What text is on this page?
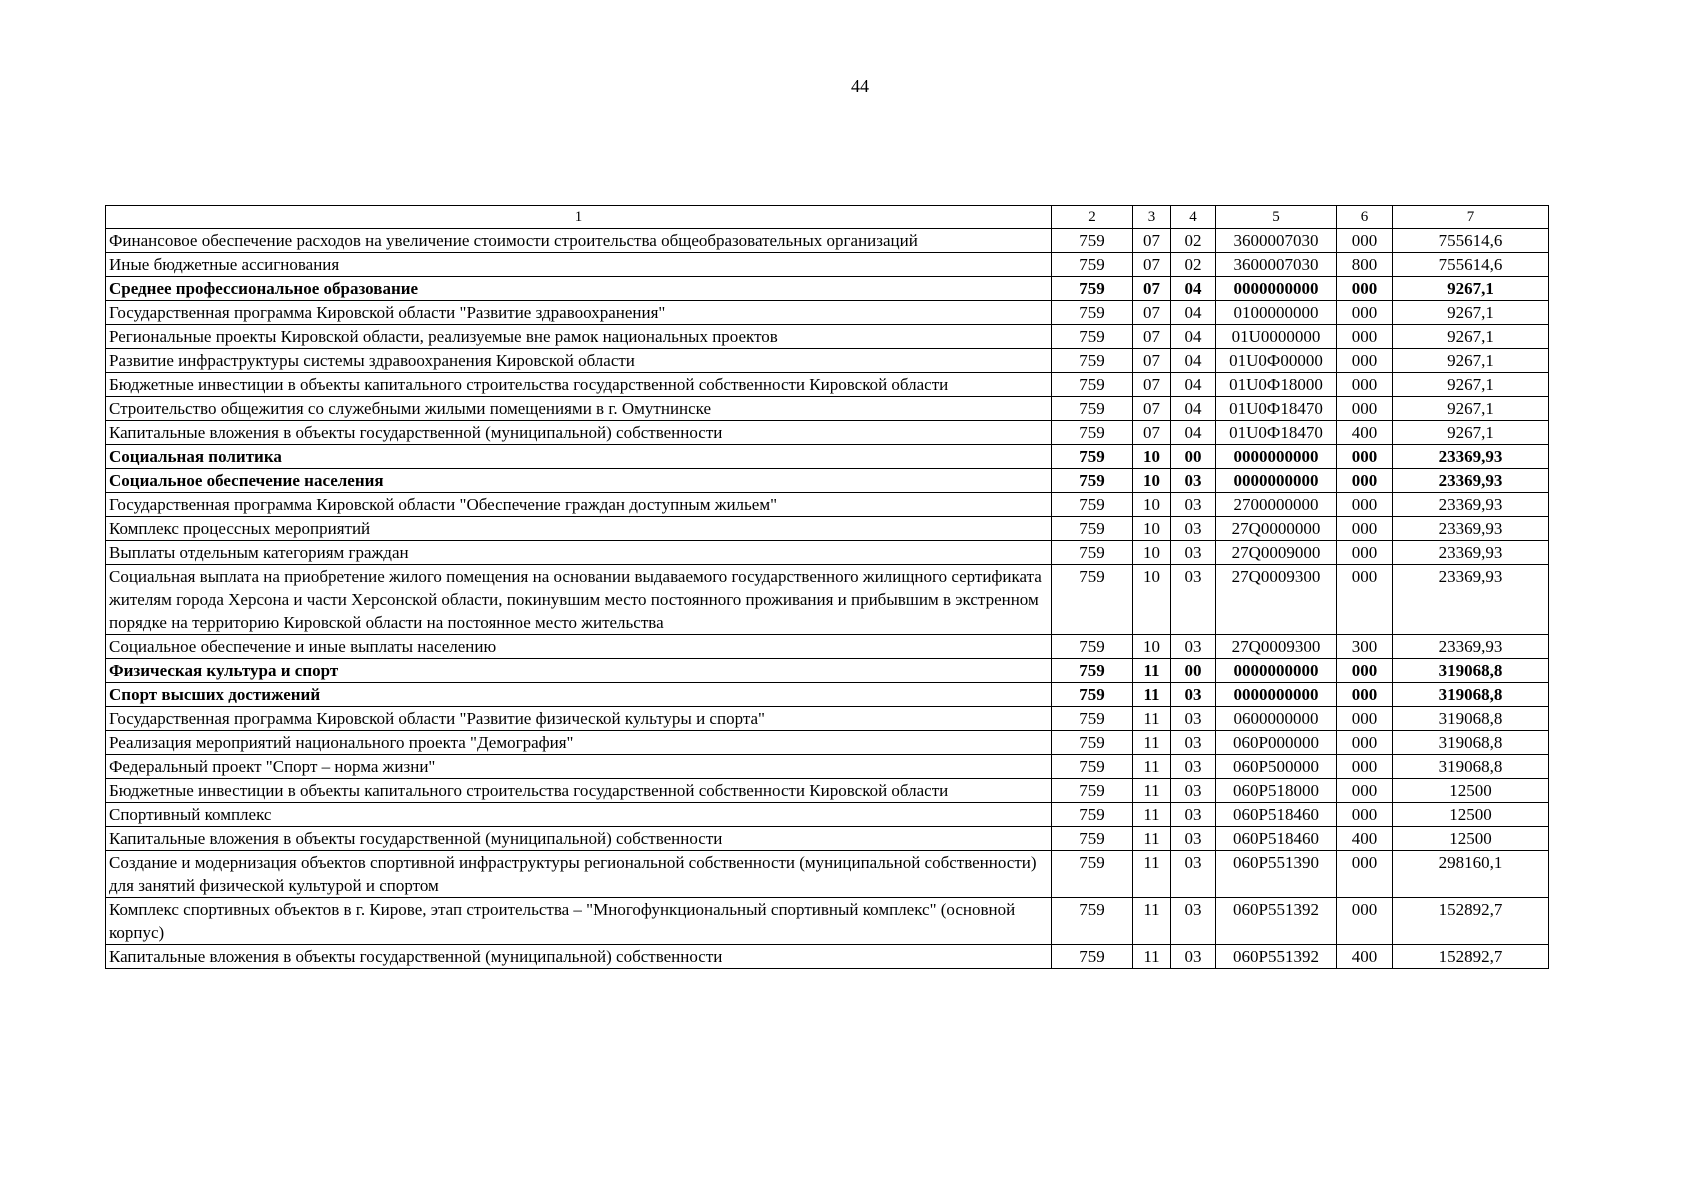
44
1	2	3	4	5	6	7
Финансовое обеспечение расходов на увеличение стоимости строительства общеобразовательных организаций	759	07	02	3600007030	000	755614,6
Иные бюджетные ассигнования	759	07	02	3600007030	800	755614,6
Среднее профессиональное образование	759	07	04	0000000000	000	9267,1
Государственная программа Кировской области "Развитие здравоохранения"	759	07	04	0100000000	000	9267,1
Региональные проекты Кировской области, реализуемые вне рамок национальных проектов	759	07	04	01U0000000	000	9267,1
Развитие инфраструктуры системы здравоохранения Кировской области	759	07	04	01U0Ф00000	000	9267,1
Бюджетные инвестиции в объекты капитального строительства государственной собственности Кировской области	759	07	04	01U0Ф18000	000	9267,1
Строительство общежития со служебными жилыми помещениями в г. Омутнинске	759	07	04	01U0Ф18470	000	9267,1
Капитальные вложения в объекты государственной (муниципальной) собственности	759	07	04	01U0Ф18470	400	9267,1
Социальная политика	759	10	00	0000000000	000	23369,93
Социальное обеспечение населения	759	10	03	0000000000	000	23369,93
Государственная программа Кировской области "Обеспечение граждан доступным жильем"	759	10	03	2700000000	000	23369,93
Комплекс процессных мероприятий	759	10	03	27Q0000000	000	23369,93
Выплаты отдельным категориям граждан	759	10	03	27Q0009000	000	23369,93
Социальная выплата на приобретение жилого помещения на основании выдаваемого государственного жилищного сертификата жителям города Херсона и части Херсонской области, покинувшим место постоянного проживания и прибывшим в экстренном порядке на территорию Кировской области на постоянное место жительства	759	10	03	27Q0009300	000	23369,93
Социальное обеспечение и иные выплаты населению	759	10	03	27Q0009300	300	23369,93
Физическая культура и спорт	759	11	00	0000000000	000	319068,8
Спорт высших достижений	759	11	03	0000000000	000	319068,8
Государственная программа Кировской области "Развитие физической культуры и спорта"	759	11	03	0600000000	000	319068,8
Реализация мероприятий национального проекта "Демография"	759	11	03	060P000000	000	319068,8
Федеральный проект "Спорт – норма жизни"	759	11	03	060P500000	000	319068,8
Бюджетные инвестиции в объекты капитального строительства государственной собственности Кировской области	759	11	03	060P518000	000	12500
Спортивный комплекс	759	11	03	060P518460	000	12500
Капитальные вложения в объекты государственной (муниципальной) собственности	759	11	03	060P518460	400	12500
Создание и модернизация объектов спортивной инфраструктуры региональной собственности (муниципальной собственности) для занятий физической культурой и спортом	759	11	03	060P551390	000	298160,1
Комплекс спортивных объектов в г. Кирове, этап строительства – "Многофункциональный спортивный комплекс" (основной корпус)	759	11	03	060P551392	000	152892,7
Капитальные вложения в объекты государственной (муниципальной) собственности	759	11	03	060P551392	400	152892,7
